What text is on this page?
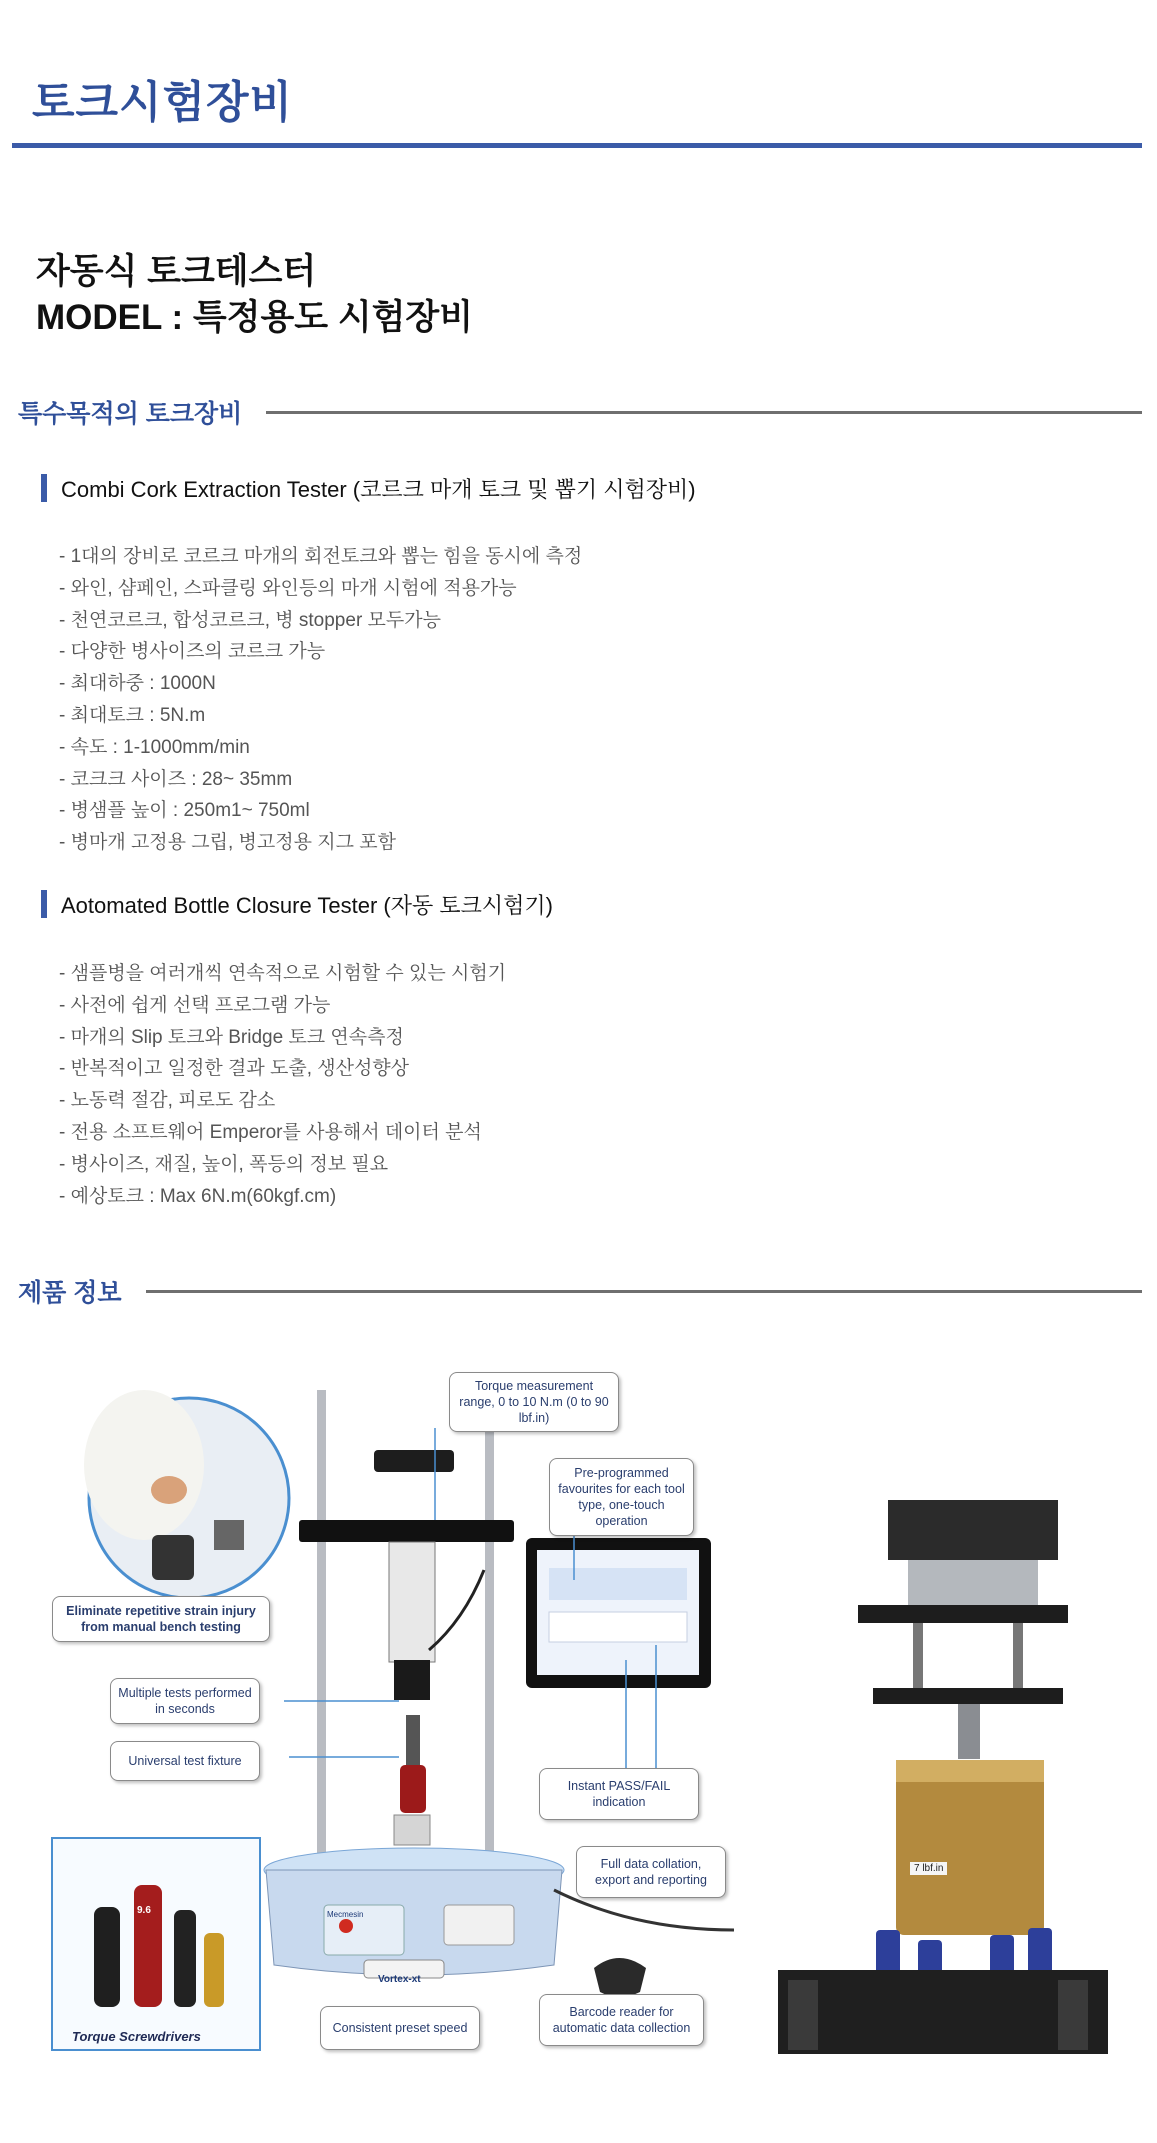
토크시험장비
자동식 토크테스터
MODEL : 특정용도 시험장비
특수목적의 토크장비
Combi Cork Extraction Tester (코르크 마개 토크 및 뽑기 시험장비)
- 1대의 장비로 코르크 마개의 회전토크와 뽑는 힘을 동시에 측정
- 와인, 샴페인, 스파클링 와인등의 마개 시험에 적용가능
- 천연코르크, 합성코르크, 병 stopper 모두가능
- 다양한 병사이즈의 코르크 가능
- 최대하중 : 1000N
- 최대토크 : 5N.m
- 속도 : 1-1000mm/min
- 코크크 사이즈 : 28~ 35mm
- 병샘플 높이 : 250m1~ 750ml
- 병마개 고정용 그립, 병고정용 지그 포함
Aotomated Bottle Closure Tester (자동 토크시험기)
- 샘플병을 여러개씩 연속적으로 시험할 수 있는 시험기
- 사전에 쉽게 선택 프로그램 가능
- 마개의 Slip 토크와 Bridge 토크 연속측정
- 반복적이고 일정한 결과 도출, 생산성향상
- 노동력 절감, 피로도 감소
- 전용 소프트웨어 Emperor를 사용해서 데이터 분석
- 병사이즈, 재질, 높이, 폭등의 정보 필요
- 예상토크 : Max 6N.m(60kgf.cm)
제품 정보
Vortex-xt
Mecmesin
9.6
Torque measurement range, 0 to 10 N.m (0 to 90 lbf.in)
Pre-programmed favourites for each tool type, one-touch operation
Eliminate repetitive strain injury from manual bench testing
Multiple tests performed in seconds
Universal test fixture
Instant PASS/FAIL indication
Full data collation, export and reporting
Consistent preset speed
Barcode reader for automatic data collection
Torque Screwdrivers
7 lbf.in
